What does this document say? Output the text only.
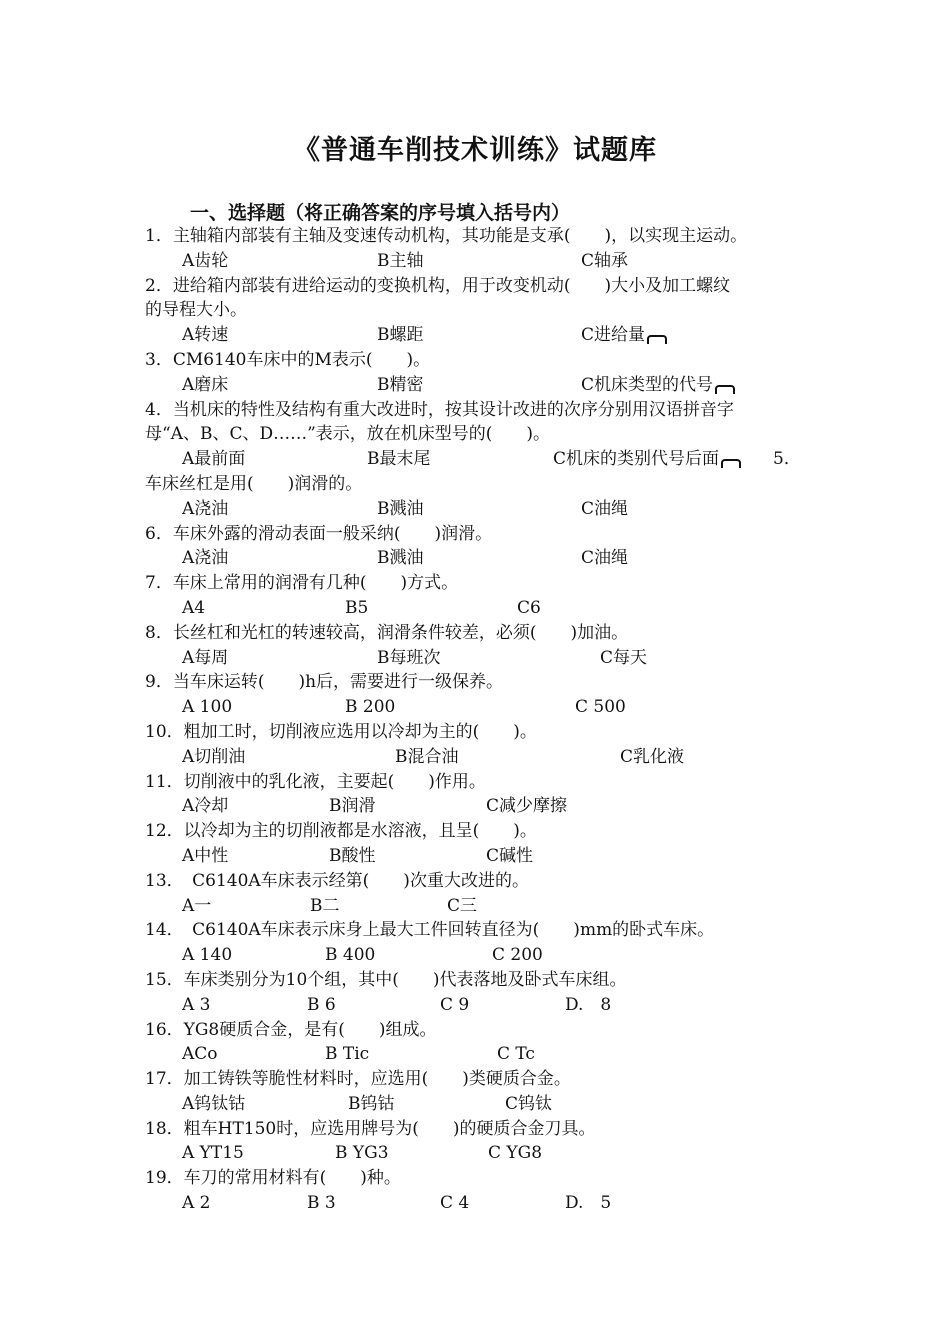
《普通车削技术训练》试题库
一、选择题（将正确答案的序号填入括号内）
1．主轴箱内部装有主轴及变速传动机构，其功能是支承(　　)，以实现主运动。
A齿轮	B主轴	C轴承
2．进给箱内部装有进给运动的变换机构，用于改变机动(　　)大小及加工螺纹
的导程大小。
A转速	B螺距	C进给量
3．CM6140车床中的M表示(　　)。
A磨床	B精密	C机床类型的代号
4．当机床的特性及结构有重大改进时，按其设计改进的次序分别用汉语拼音字
母“A、B、C、D……”表示，放在机床型号的(　　)。
A最前面	B最末尾	C机床的类别代号后面	5．
车床丝杠是用(　　)润滑的。
A浇油	B溅油	C油绳
6．车床外露的滑动表面一般采纳(　　)润滑。
A浇油	B溅油	C油绳
7．车床上常用的润滑有几种(　　)方式。
A4	B5	C6
8．长丝杠和光杠的转速较高，润滑条件较差，必须(　　)加油。
A每周	B每班次	C每天
9．当车床运转(　　)h后，需要进行一级保养。
A 100	B 200	C 500
10．粗加工时，切削液应选用以冷却为主的(　　)。
A切削油	B混合油	C乳化液
11．切削液中的乳化液，主要起(　　)作用。
A冷却	B润滑	C减少摩擦
12．以冷却为主的切削液都是水溶液，且呈(　　)。
A中性	B酸性	C碱性
13．　C6140A车床表示经第(　　)次重大改进的。
A一	B二	C三
14．　C6140A车床表示床身上最大工件回转直径为(　　)mm的卧式车床。
A 140	B 400	C 200
15．车床类别分为10个组，其中(　　)代表落地及卧式车床组。
A 3	B 6	C 9	D.　8
16．YG8硬质合金，是有(　　)组成。
ACo	B Tic	C Tc
17．加工铸铁等脆性材料时，应选用(　　)类硬质合金。
A钨钛钴	B钨钴	C钨钛
18．粗车HT150时，应选用牌号为(　　)的硬质合金刀具。
A YT15	B YG3	C YG8
19．车刀的常用材料有(　　)种。
A 2	B 3	C 4	D.　5
